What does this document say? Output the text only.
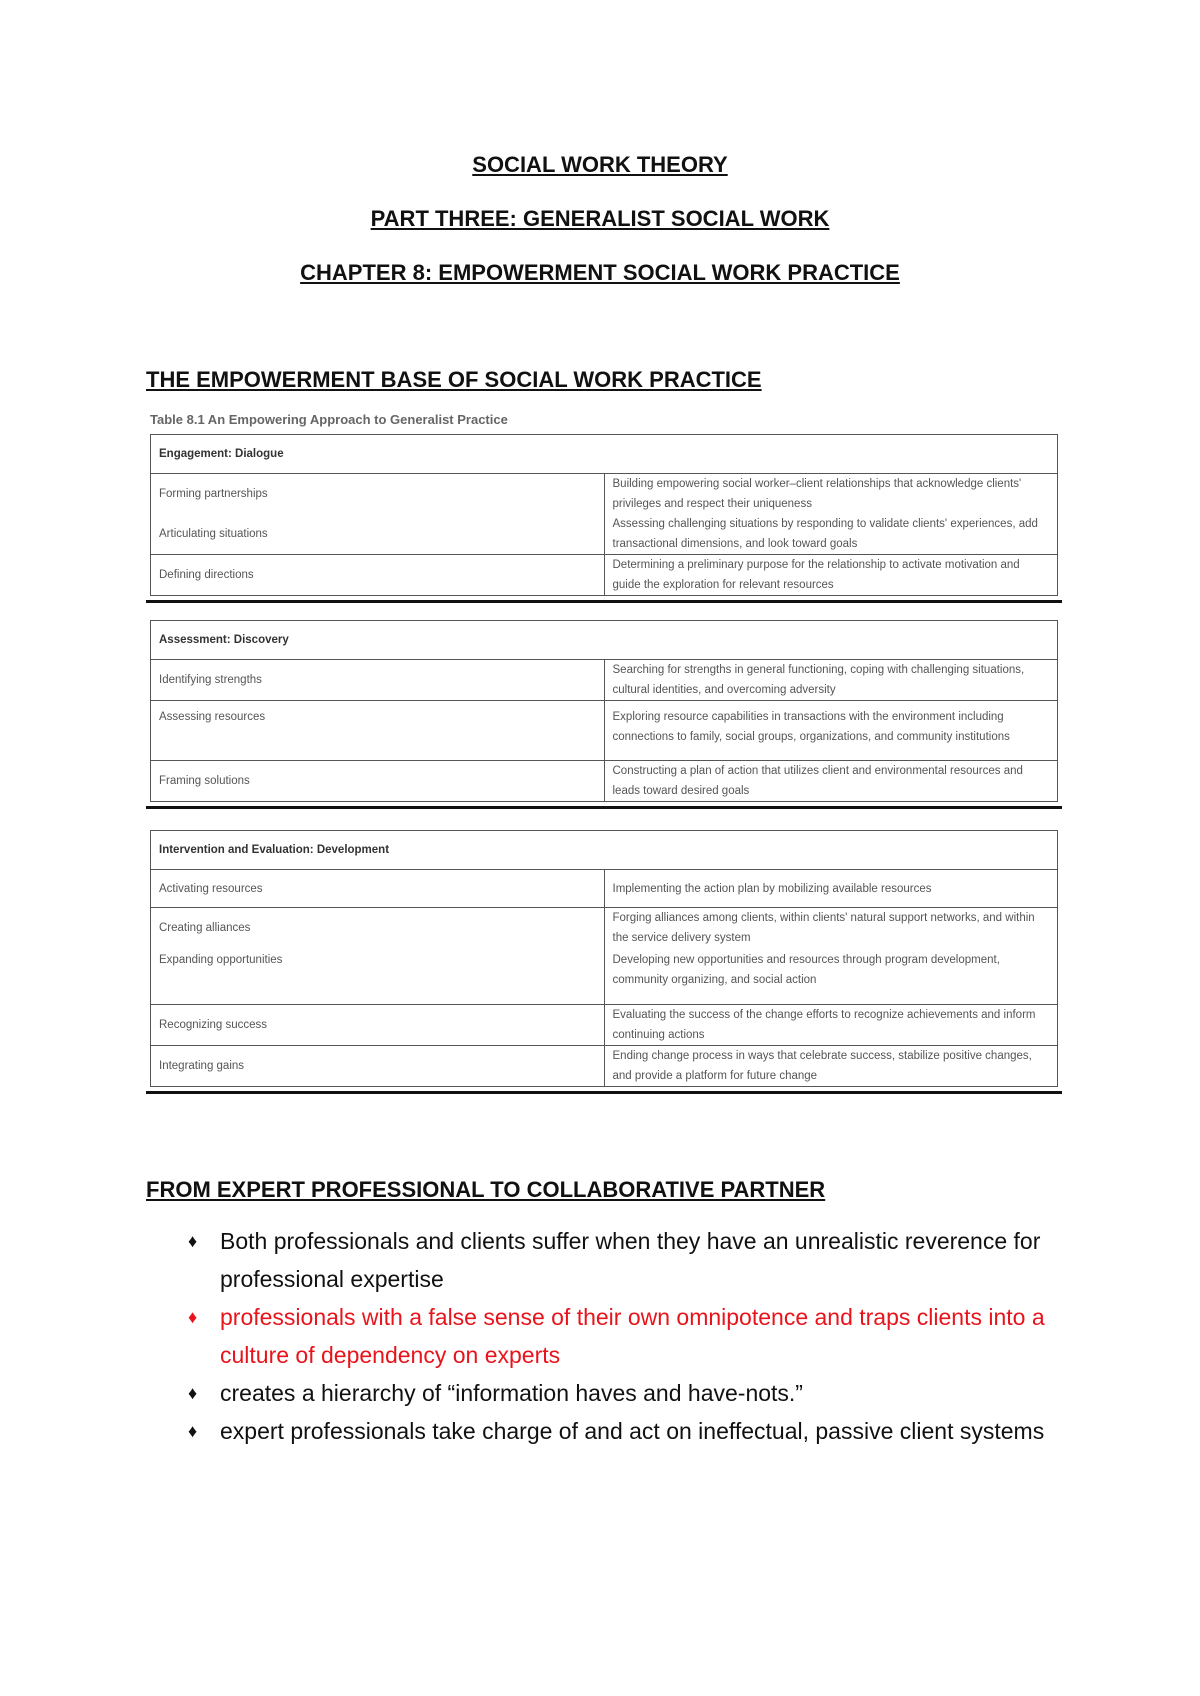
SOCIAL WORK THEORY
PART THREE: GENERALIST SOCIAL WORK
CHAPTER 8: EMPOWERMENT SOCIAL WORK PRACTICE
THE EMPOWERMENT BASE OF SOCIAL WORK PRACTICE
Table 8.1 An Empowering Approach to Generalist Practice
Engagement: Dialogue	
Forming partnerships	Building empowering social worker–client relationships that acknowledge clients' privileges and respect their uniqueness
Articulating situations	Assessing challenging situations by responding to validate clients' experiences, add transactional dimensions, and look toward goals
Defining directions	Determining a preliminary purpose for the relationship to activate motivation and guide the exploration for relevant resources
Assessment: Discovery	
Identifying strengths	Searching for strengths in general functioning, coping with challenging situations, cultural identities, and overcoming adversity
Assessing resources	Exploring resource capabilities in transactions with the environment including connections to family, social groups, organizations, and community institutions
Framing solutions	Constructing a plan of action that utilizes client and environmental resources and leads toward desired goals
Intervention and Evaluation: Development	
Activating resources	Implementing the action plan by mobilizing available resources
Creating alliances	Forging alliances among clients, within clients' natural support networks, and within the service delivery system
Expanding opportunities	Developing new opportunities and resources through program development, community organizing, and social action
Recognizing success	Evaluating the success of the change efforts to recognize achievements and inform continuing actions
Integrating gains	Ending change process in ways that celebrate success, stabilize positive changes, and provide a platform for future change
FROM EXPERT PROFESSIONAL TO COLLABORATIVE PARTNER
♦ Both professionals and clients suffer when they have an unrealistic reverence for professional expertise
♦ professionals with a false sense of their own omnipotence and traps clients into a culture of dependency on experts
♦ creates a hierarchy of “information haves and have-nots.”
♦ expert professionals take charge of and act on ineffectual, passive client systems
